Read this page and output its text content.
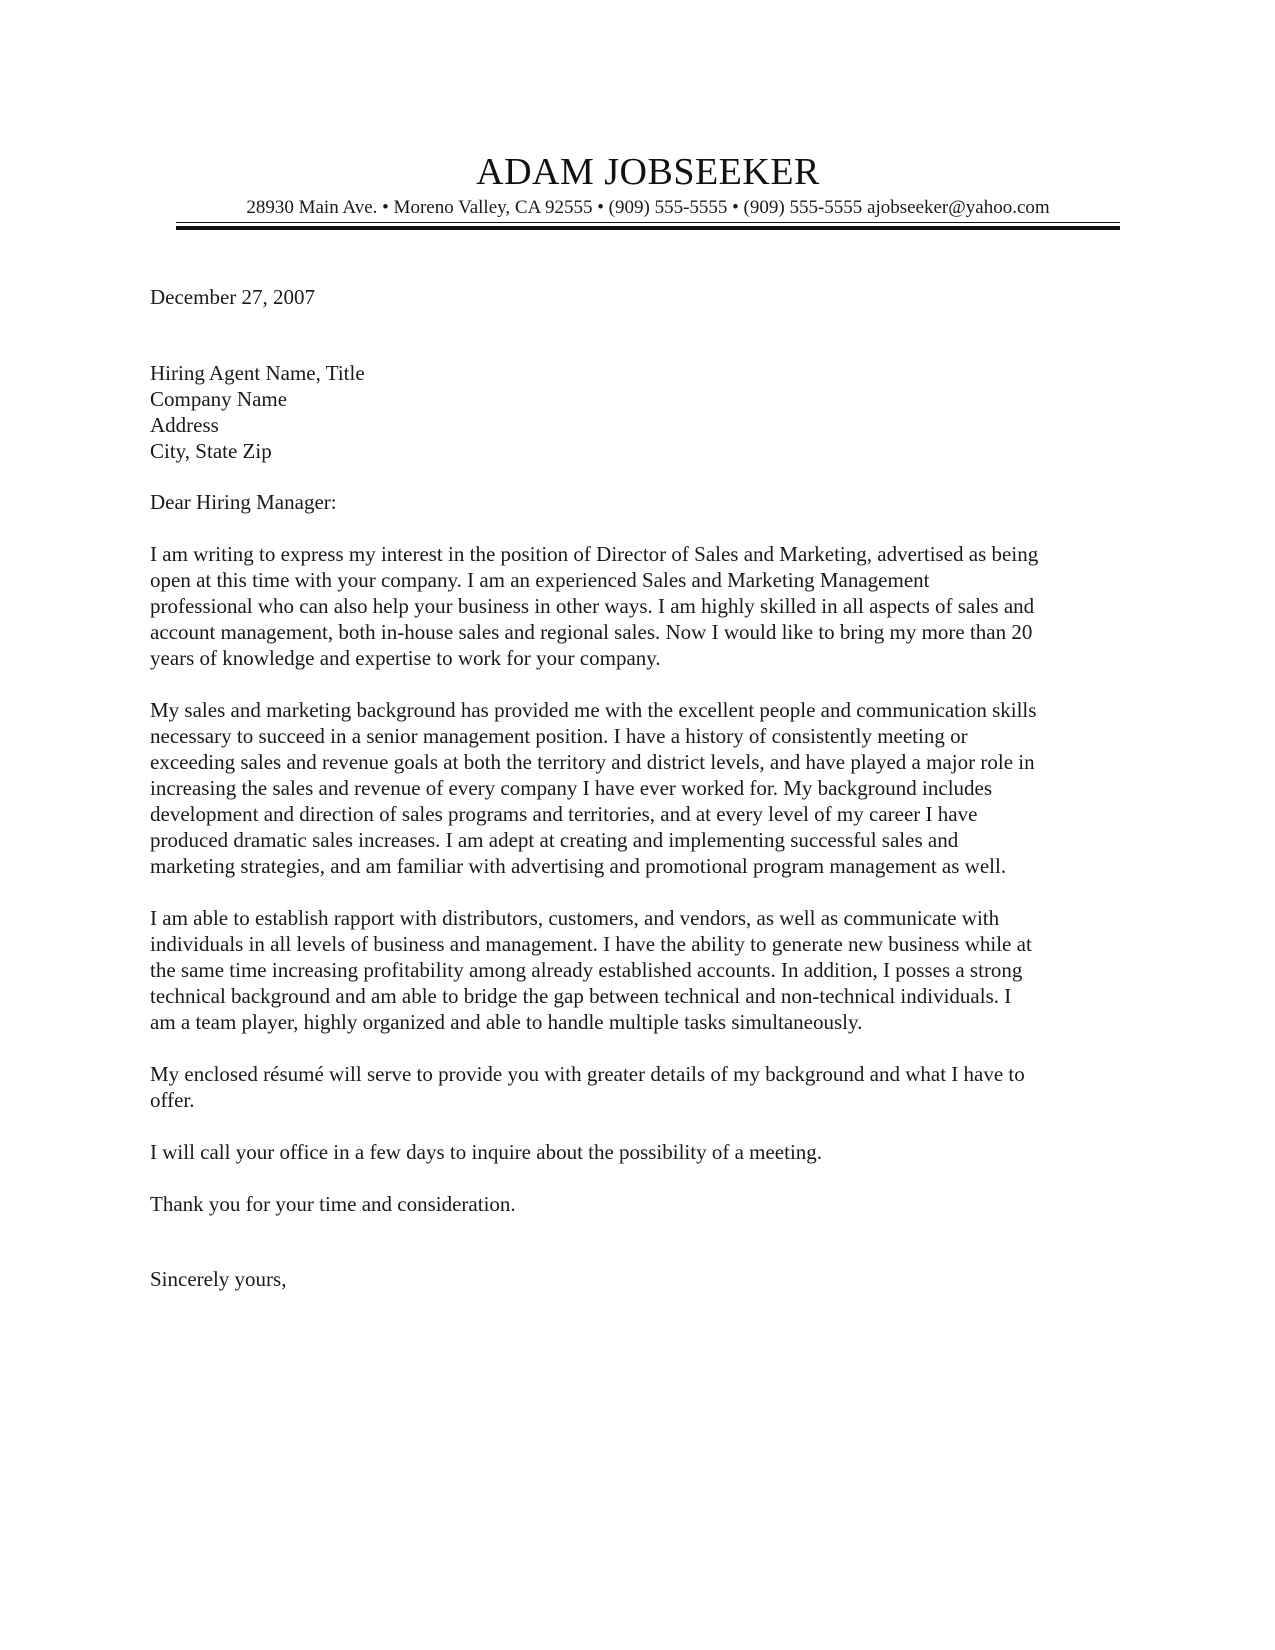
ADAM JOBSEEKER
28930 Main Ave. • Moreno Valley, CA 92555 • (909) 555-5555 • (909) 555-5555 ajobseeker@yahoo.com

December 27, 2007

Hiring Agent Name, Title

Company Name

Address

City, State Zip

Dear Hiring Manager:

I am writing to express my interest in the position of Director of Sales and Marketing, advertised as being
open at this time with your company. I am an experienced Sales and Marketing Management
professional who can also help your business in other ways. I am highly skilled in all aspects of sales and
account management, both in-house sales and regional sales. Now I would like to bring my more than 20
years of knowledge and expertise to work for your company.

My sales and marketing background has provided me with the excellent people and communication skills
necessary to succeed in a senior management position. I have a history of consistently meeting or
exceeding sales and revenue goals at both the territory and district levels, and have played a major role in
increasing the sales and revenue of every company I have ever worked for. My background includes
development and direction of sales programs and territories, and at every level of my career I have
produced dramatic sales increases. I am adept at creating and implementing successful sales and
marketing strategies, and am familiar with advertising and promotional program management as well.

I am able to establish rapport with distributors, customers, and vendors, as well as communicate with
individuals in all levels of business and management. I have the ability to generate new business while at
the same time increasing profitability among already established accounts. In addition, I posses a strong
technical background and am able to bridge the gap between technical and non-technical individuals. I
am a team player, highly organized and able to handle multiple tasks simultaneously.

My enclosed résumé will serve to provide you with greater details of my background and what I have to
offer.

I will call your office in a few days to inquire about the possibility of a meeting.

Thank you for your time and consideration.

Sincerely yours,
